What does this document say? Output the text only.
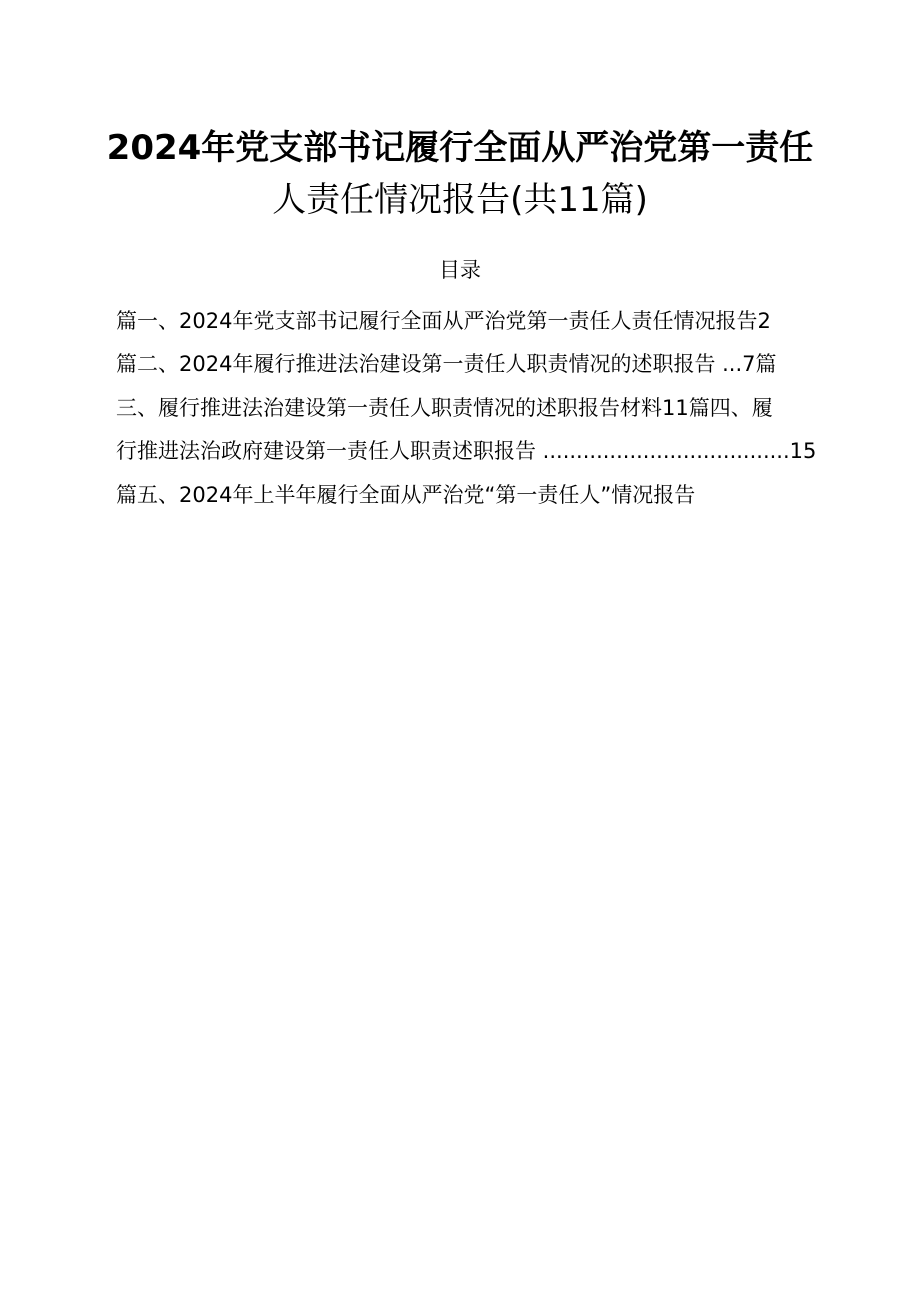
2024年党支部书记履行全面从严治党第一责任
人责任情况报告(共11篇)
目录
篇一、2024年党支部书记履行全面从严治党第一责任人责任情况报告2
篇二、2024年履行推进法治建设第一责任人职责情况的述职报告 ...7篇
三、履行推进法治建设第一责任人职责情况的述职报告材料11篇四、履
行推进法治政府建设第一责任人职责述职报告 .....................................15
篇五、2024年上半年履行全面从严治党“第一责任人”情况报告
